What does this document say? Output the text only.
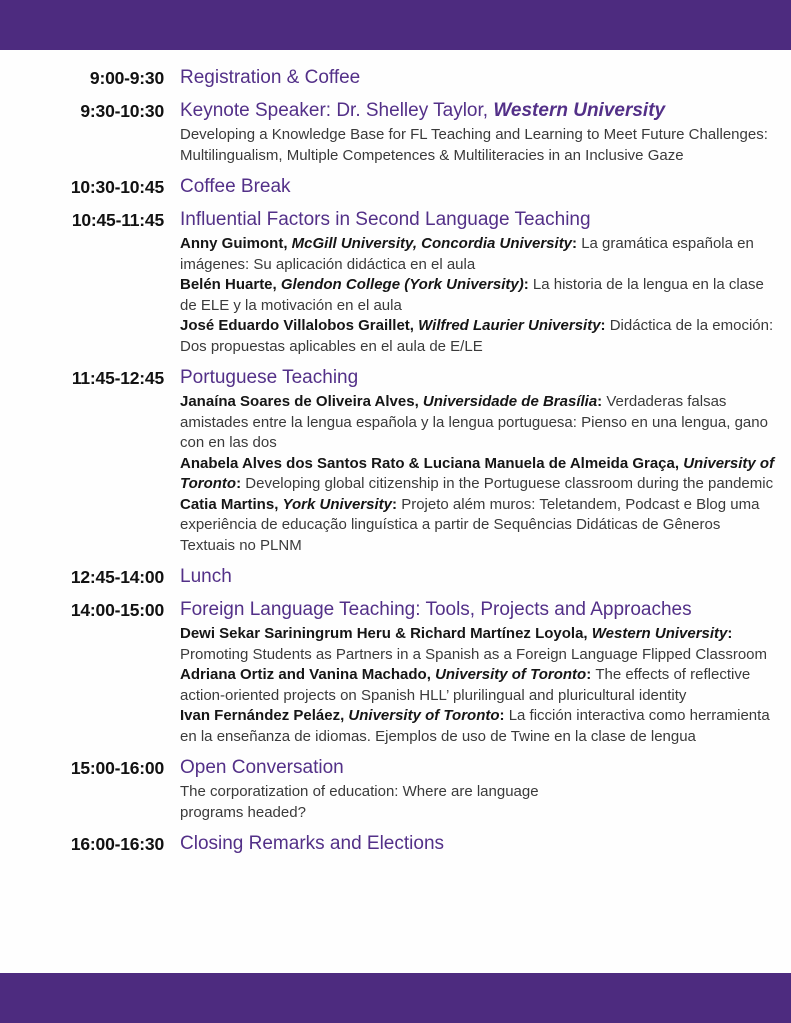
9:00-9:30 Registration & Coffee
9:30-10:30 Keynote Speaker: Dr. Shelley Taylor, Western University

Developing a Knowledge Base for FL Teaching and Learning to Meet Future Challenges: Multilingualism, Multiple Competences & Multiliteracies in an Inclusive Gaze

10:30-10:45 Coffee Break
10:45-11:45 Influential Factors in Second Language Teaching

Anny Guimont, McGill University, Concordia University: La gramática española en imágenes: Su aplicación didáctica en el aula

Belén Huarte, Glendon College (York University): La historia de la lengua en la clase de ELE y la motivación en el aula

José Eduardo Villalobos Graillet, Wilfred Laurier University: Didáctica de la emoción: Dos propuestas aplicables en el aula de E/LE

11:45-12:45 Portuguese Teaching

Janaína Soares de Oliveira Alves, Universidade de Brasília: Verdaderas falsas amistades entre la lengua española y la lengua portuguesa: Pienso en una lengua, gano con en las dos

Anabela Alves dos Santos Rato & Luciana Manuela de Almeida Graça, University of Toronto: Developing global citizenship in the Portuguese classroom during the pandemic

Catia Martins, York University: Projeto além muros: Teletandem, Podcast e Blog uma experiência de educação linguística a partir de Sequências Didáticas de Gêneros Textuais no PLNM

12:45-14:00 Lunch
14:00-15:00 Foreign Language Teaching: Tools, Projects and Approaches

Dewi Sekar Sariningrum Heru & Richard Martínez Loyola, Western University: Promoting Students as Partners in a Spanish as a Foreign Language Flipped Classroom

Adriana Ortiz and Vanina Machado, University of Toronto: The effects of reflective action-oriented projects on Spanish HLL’ plurilingual and pluricultural identity

Ivan Fernández Peláez, University of Toronto: La ficción interactiva como herramienta en la enseñanza de idiomas. Ejemplos de uso de Twine en la clase de lengua

15:00-16:00 Open Conversation

The corporatization of education: Where are language programs headed?

16:00-16:30 Closing Remarks and Elections
